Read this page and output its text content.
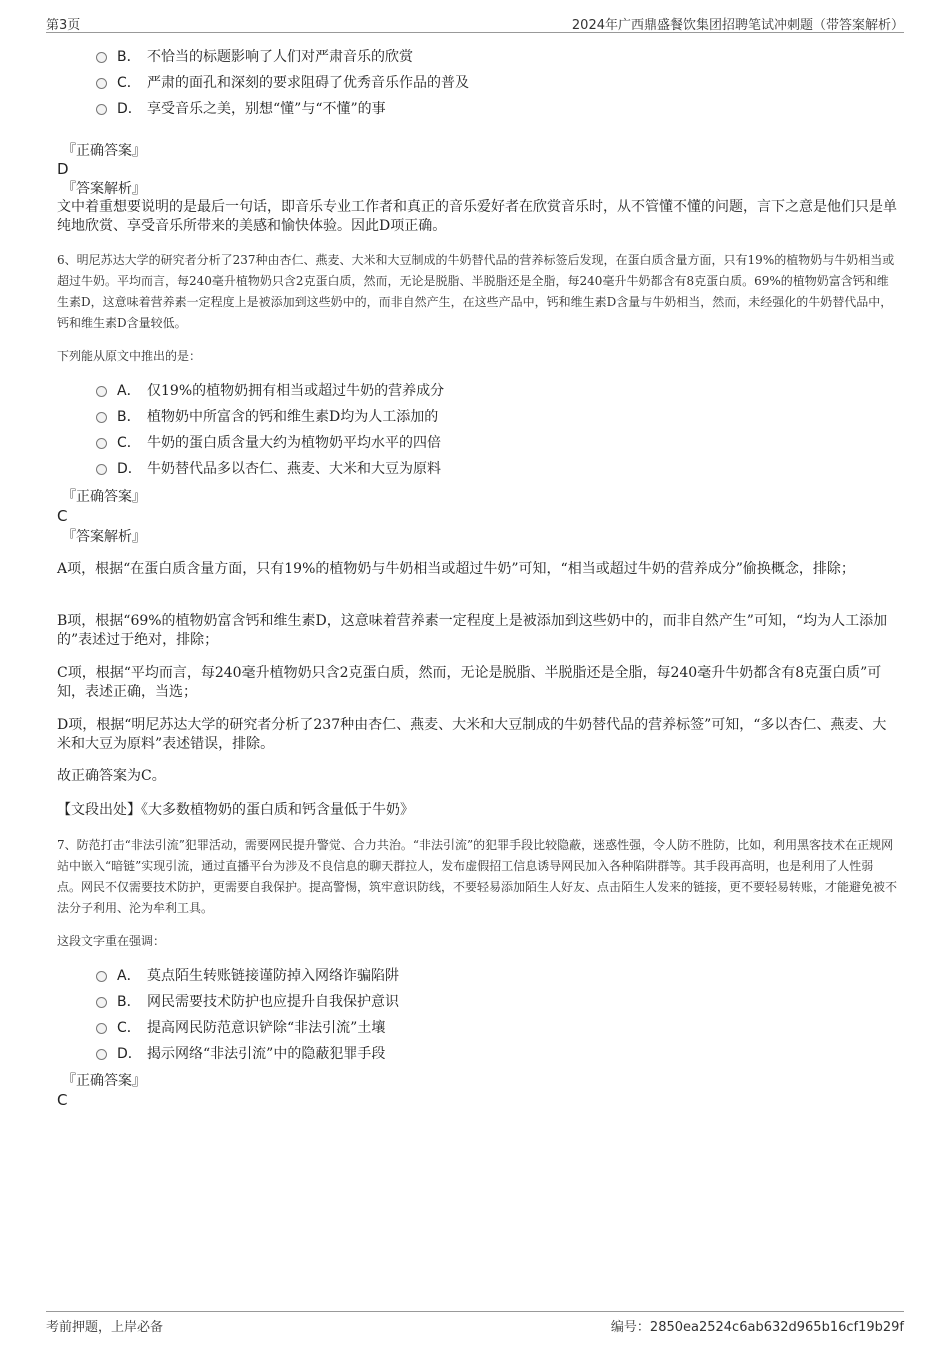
第3页	2024年广西鼎盛餐饮集团招聘笔试冲刺题（带答案解析）
B． 不恰当的标题影响了人们对严肃音乐的欣赏
C． 严肃的面孔和深刻的要求阻碍了优秀音乐作品的普及
D． 享受音乐之美，别想“懂”与“不懂”的事
『正确答案』
D
『答案解析』
文中着重想要说明的是最后一句话，即音乐专业工作者和真正的音乐爱好者在欣赏音乐时，从不管懂不懂的问题，言下之意是他们只是单纯地欣赏、享受音乐所带来的美感和愉快体验。因此D项正确。
6、明尼苏达大学的研究者分析了237种由杏仁、燕麦、大米和大豆制成的牛奶替代品的营养标签后发现，在蛋白质含量方面，只有19%的植物奶与牛奶相当或超过牛奶。平均而言，每240毫升植物奶只含2克蛋白质，然而，无论是脱脂、半脱脂还是全脂，每240毫升牛奶都含有8克蛋白质。69%的植物奶富含钙和维生素D，这意味着营养素一定程度上是被添加到这些奶中的，而非自然产生，在这些产品中，钙和维生素D含量与牛奶相当，然而，未经强化的牛奶替代品中，钙和维生素D含量较低。
下列能从原文中推出的是：
A． 仅19%的植物奶拥有相当或超过牛奶的营养成分
B． 植物奶中所富含的钙和维生素D均为人工添加的
C． 牛奶的蛋白质含量大约为植物奶平均水平的四倍
D． 牛奶替代品多以杏仁、燕麦、大米和大豆为原料
『正确答案』
C
『答案解析』
A项，根据“在蛋白质含量方面，只有19%的植物奶与牛奶相当或超过牛奶”可知，“相当或超过牛奶的营养成分”偷换概念，排除；
B项，根据“69%的植物奶富含钙和维生素D，这意味着营养素一定程度上是被添加到这些奶中的，而非自然产生”可知，“均为人工添加的”表述过于绝对，排除；
C项，根据“平均而言，每240毫升植物奶只含2克蛋白质，然而，无论是脱脂、半脱脂还是全脂，每240毫升牛奶都含有8克蛋白质”可知，表述正确，当选；
D项，根据“明尼苏达大学的研究者分析了237种由杏仁、燕麦、大米和大豆制成的牛奶替代品的营养标签”可知，“多以杏仁、燕麦、大米和大豆为原料”表述错误，排除。
故正确答案为C。
【文段出处】《大多数植物奶的蛋白质和钙含量低于牛奶》
7、防范打击“非法引流”犯罪活动，需要网民提升警觉、合力共治。“非法引流”的犯罪手段比较隐蔽，迷惑性强，令人防不胜防，比如，利用黑客技术在正规网站中嵌入“暗链”实现引流，通过直播平台为涉及不良信息的聊天群拉人，发布虚假招工信息诱导网民加入各种陷阱群等。其手段再高明，也是利用了人性弱点。网民不仅需要技术防护，更需要自我保护。提高警惕，筑牢意识防线，不要轻易添加陌生人好友、点击陌生人发来的链接，更不要轻易转账，才能避免被不法分子利用、沦为牟利工具。
这段文字重在强调：
A． 莫点陌生转账链接谨防掉入网络诈骗陷阱
B． 网民需要技术防护也应提升自我保护意识
C． 提高网民防范意识铲除“非法引流”土壤
D． 揭示网络“非法引流”中的隐蔽犯罪手段
『正确答案』
C
考前押题，上岸必备	编号：2850ea2524c6ab632d965b16cf19b29f
